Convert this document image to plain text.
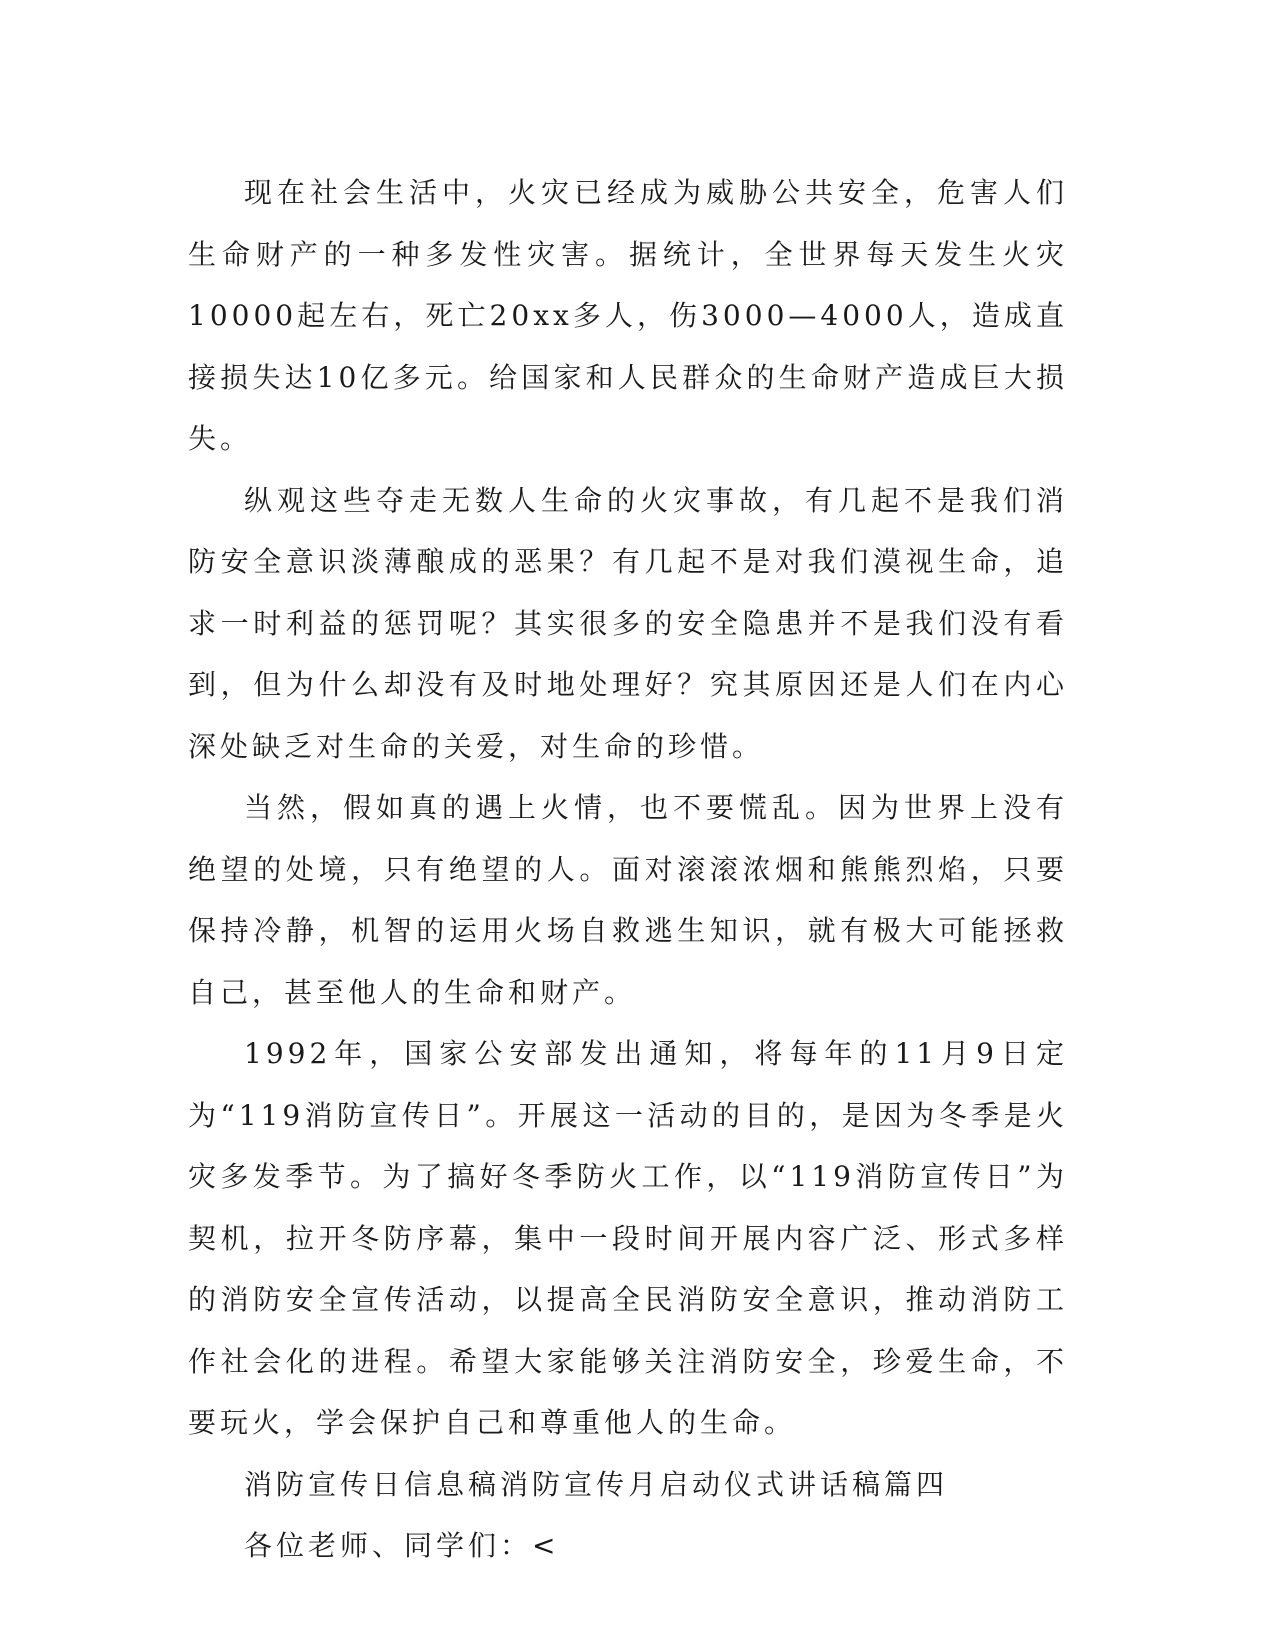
现在社会生活中，火灾已经成为威胁公共安全，危害人们生命财产的一种多发性灾害。据统计，全世界每天发生火灾10000起左右，死亡20xx多人，伤3000—4000人，造成直接损失达10亿多元。给国家和人民群众的生命财产造成巨大损失。

纵观这些夺走无数人生命的火灾事故，有几起不是我们消防安全意识淡薄酿成的恶果？有几起不是对我们漠视生命，追求一时利益的惩罚呢？其实很多的安全隐患并不是我们没有看到，但为什么却没有及时地处理好？究其原因还是人们在内心深处缺乏对生命的关爱，对生命的珍惜。

当然，假如真的遇上火情，也不要慌乱。因为世界上没有绝望的处境，只有绝望的人。面对滚滚浓烟和熊熊烈焰，只要保持冷静，机智的运用火场自救逃生知识，就有极大可能拯救自己，甚至他人的生命和财产。

1992年，国家公安部发出通知，将每年的11月9日定为“119消防宣传日”。开展这一活动的目的，是因为冬季是火灾多发季节。为了搞好冬季防火工作，以“119消防宣传日”为契机，拉开冬防序幕，集中一段时间开展内容广泛、形式多样的消防安全宣传活动，以提高全民消防安全意识，推动消防工作社会化的进程。希望大家能够关注消防安全，珍爱生命，不要玩火，学会保护自己和尊重他人的生命。

消防宣传日信息稿消防宣传月启动仪式讲话稿篇四

各位老师、同学们：<
